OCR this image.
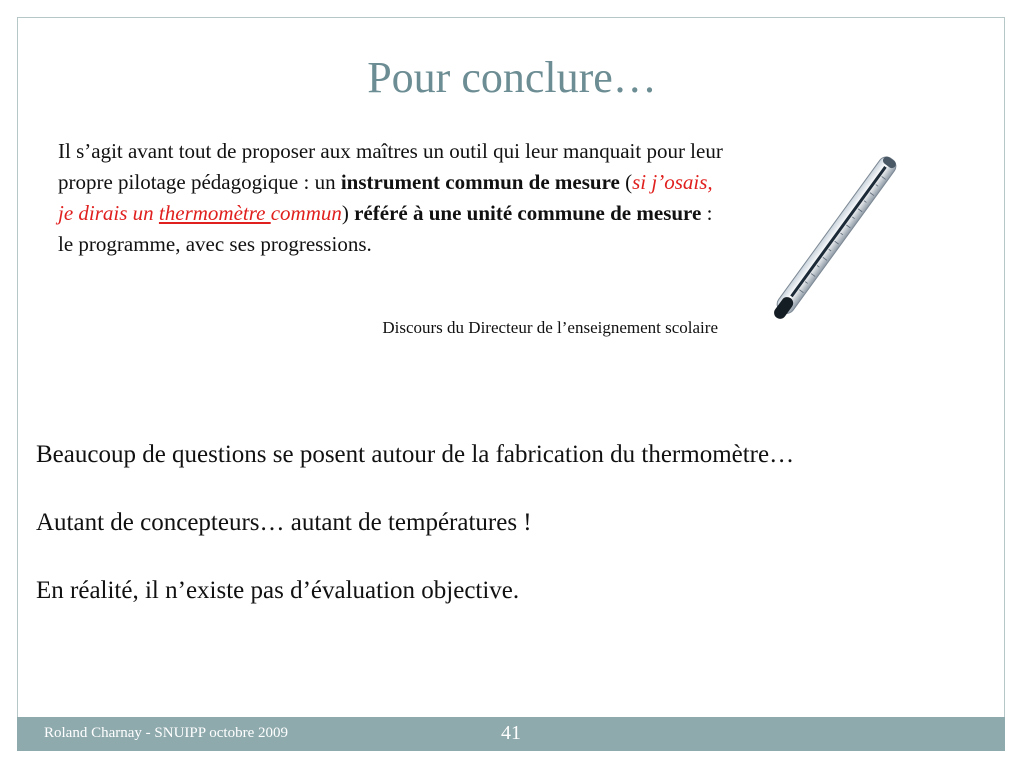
Pour conclure…
Il s’agit avant tout de proposer aux maîtres un outil qui leur manquait pour leur propre pilotage pédagogique : un instrument commun de mesure (si j’osais, je dirais un thermomètre commun) référé à une unité commune de mesure : le programme, avec ses progressions.
Discours du Directeur de l’enseignement scolaire
Beaucoup de questions se posent autour de la fabrication du thermomètre…
Autant de concepteurs… autant de températures !
En réalité, il n’existe pas d’évaluation objective.
Roland Charnay - SNUIPP octobre 2009	41
